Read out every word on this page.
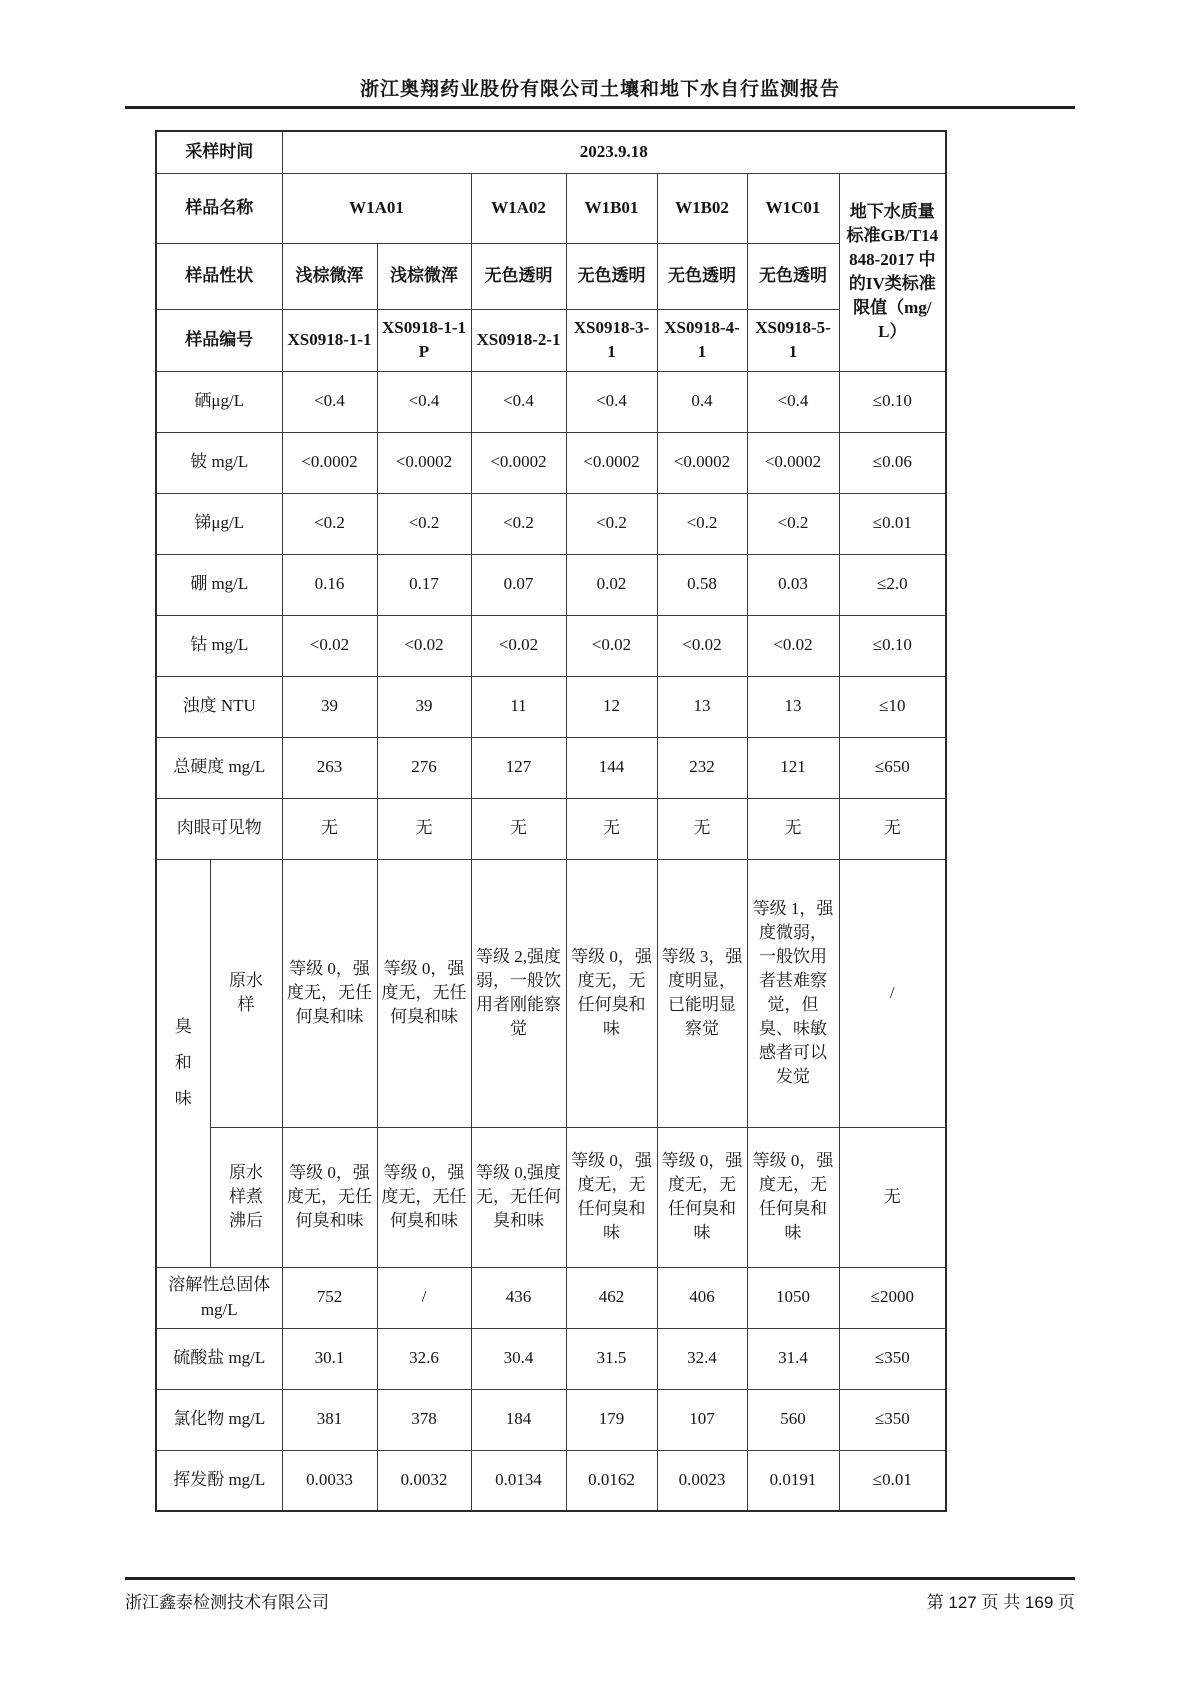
浙江奥翔药业股份有限公司土壤和地下水自行监测报告
采样时间		2023.9.18						
样品名称		W1A01		W1A02	W1B01	W1B02	W1C01	地下水质量标准GB/T14848-2017 中的IV类标准限值（mg/L）
样品性状		浅棕微浑	浅棕微浑	无色透明	无色透明	无色透明	无色透明	
样品编号		XS0918-1-1	XS0918-1-1P	XS0918-2-1	XS0918-3-1	XS0918-4-1	XS0918-5-1	
硒μg/L		<0.4	<0.4	<0.4	<0.4	0.4	<0.4	≤0.10
铍 mg/L		<0.0002	<0.0002	<0.0002	<0.0002	<0.0002	<0.0002	≤0.06
锑μg/L		<0.2	<0.2	<0.2	<0.2	<0.2	<0.2	≤0.01
硼 mg/L		0.16	0.17	0.07	0.02	0.58	0.03	≤2.0
钴 mg/L		<0.02	<0.02	<0.02	<0.02	<0.02	<0.02	≤0.10
浊度 NTU		39	39	11	12	13	13	≤10
总硬度 mg/L		263	276	127	144	232	121	≤650
肉眼可见物		无	无	无	无	无	无	无

臭和味	原水样	等级 0，强度无，无任何臭和味	等级 0，强度无，无任何臭和味	等级 2,强度弱，一般饮用者刚能察觉	等级 0，强度无，无任何臭和味	等级 3，强度明显，已能明显察觉	等级 1，强度微弱，一般饮用者甚难察觉，但臭、味敏感者可以发觉	/

	原水样煮沸后	等级 0，强度无，无任何臭和味	等级 0，强度无，无任何臭和味	等级 0,强度无，无任何臭和味	等级 0，强度无，无任何臭和味	等级 0，强度无，无任何臭和味	等级 0，强度无，无任何臭和味	无
溶解性总固体 mg/L		752	/	436	462	406	1050	≤2000
硫酸盐 mg/L		30.1	32.6	30.4	31.5	32.4	31.4	≤350
氯化物 mg/L		381	378	184	179	107	560	≤350
挥发酚 mg/L		0.0033	0.0032	0.0134	0.0162	0.0023	0.0191	≤0.01
浙江鑫泰检测技术有限公司	第 127 页 共 169 页
